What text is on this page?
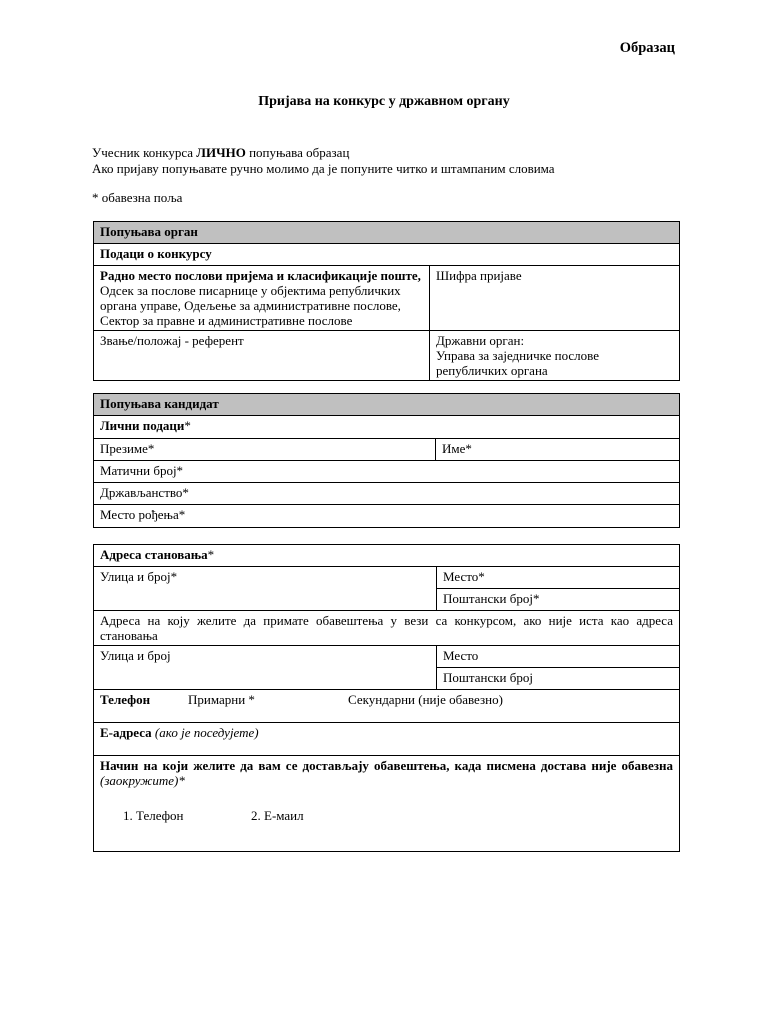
Образац
Пријава на конкурс у државном органу
Учесник конкурса ЛИЧНО попуњава образац
Ако пријаву попуњавате ручно молимо да је попуните читко и штампаним словима
* обавезна поља
Попуњава орган	
Подаци о конкурсу	

Радно место послови пријема и класификације поште,
Одсек за послове писарнице у објектима републичких органа управе, Одељење за административне послове, Сектор за правне и административне послове	Шифра пријаве
Звање/положај - референт	Државни орган:
Управа за заједничке послове републичких органа
Попуњава кандидат
Лични подаци*
Презиме*	Име*
Матични број*
Држављанство*
Место рођења*
Адреса становања*	
Улица и број*	Место*
	Поштански број*
Адреса на коју желите да примате обавештења у вези са конкурсом, ако није иста као адреса становања	
Улица и број	Место
	Поштански број
Телефон Примарни * Секундарни (није обавезно)	
Е-адреса (ако је поседујете)	

Начин на који желите да вам се достављају обавештења, када писмена достава није обавезна (заокружите)*
1. Телефон 2. Е-маил	
